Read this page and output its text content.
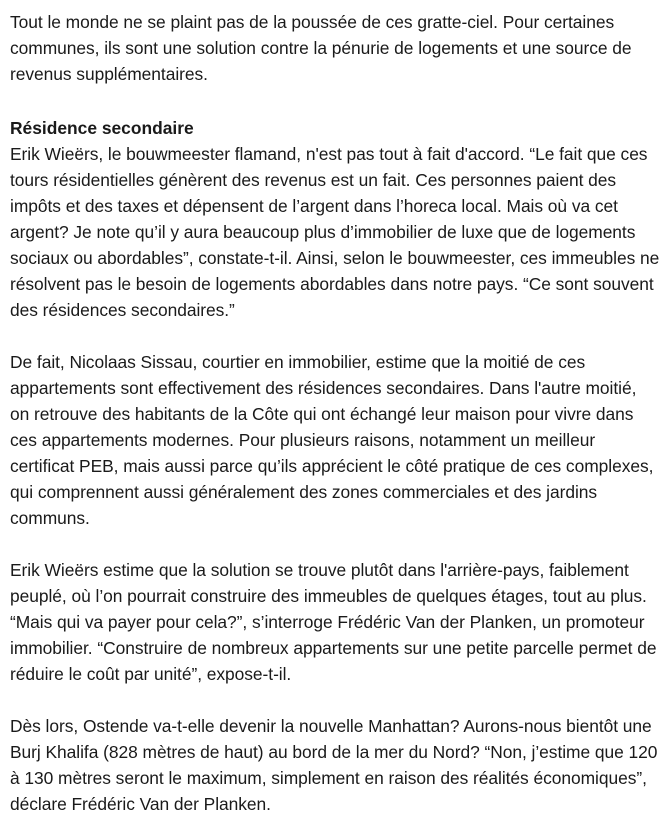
Tout le monde ne se plaint pas de la poussée de ces gratte-ciel. Pour certaines communes, ils sont une solution contre la pénurie de logements et une source de revenus supplémentaires.

Résidence secondaire

Erik Wieërs, le bouwmeester flamand, n'est pas tout à fait d'accord. “Le fait que ces tours résidentielles génèrent des revenus est un fait. Ces personnes paient des impôts et des taxes et dépensent de l’argent dans l’horeca local. Mais où va cet argent? Je note qu’il y aura beaucoup plus d’immobilier de luxe que de logements sociaux ou abordables”, constate-t-il. Ainsi, selon le bouwmeester, ces immeubles ne résolvent pas le besoin de logements abordables dans notre pays. “Ce sont souvent des résidences secondaires.”

De fait, Nicolaas Sissau, courtier en immobilier, estime que la moitié de ces appartements sont effectivement des résidences secondaires. Dans l'autre moitié, on retrouve des habitants de la Côte qui ont échangé leur maison pour vivre dans ces appartements modernes. Pour plusieurs raisons, notamment un meilleur certificat PEB, mais aussi parce qu’ils apprécient le côté pratique de ces complexes, qui comprennent aussi généralement des zones commerciales et des jardins communs.

Erik Wieërs estime que la solution se trouve plutôt dans l'arrière-pays, faiblement peuplé, où l’on pourrait construire des immeubles de quelques étages, tout au plus. “Mais qui va payer pour cela?”, s’interroge Frédéric Van der Planken, un promoteur immobilier. “Construire de nombreux appartements sur une petite parcelle permet de réduire le coût par unité”, expose-t-il.

Dès lors, Ostende va-t-elle devenir la nouvelle Manhattan? Aurons-nous bientôt une Burj Khalifa (828 mètres de haut) au bord de la mer du Nord? “Non, j’estime que 120 à 130 mètres seront le maximum, simplement en raison des réalités économiques”, déclare Frédéric Van der Planken.
